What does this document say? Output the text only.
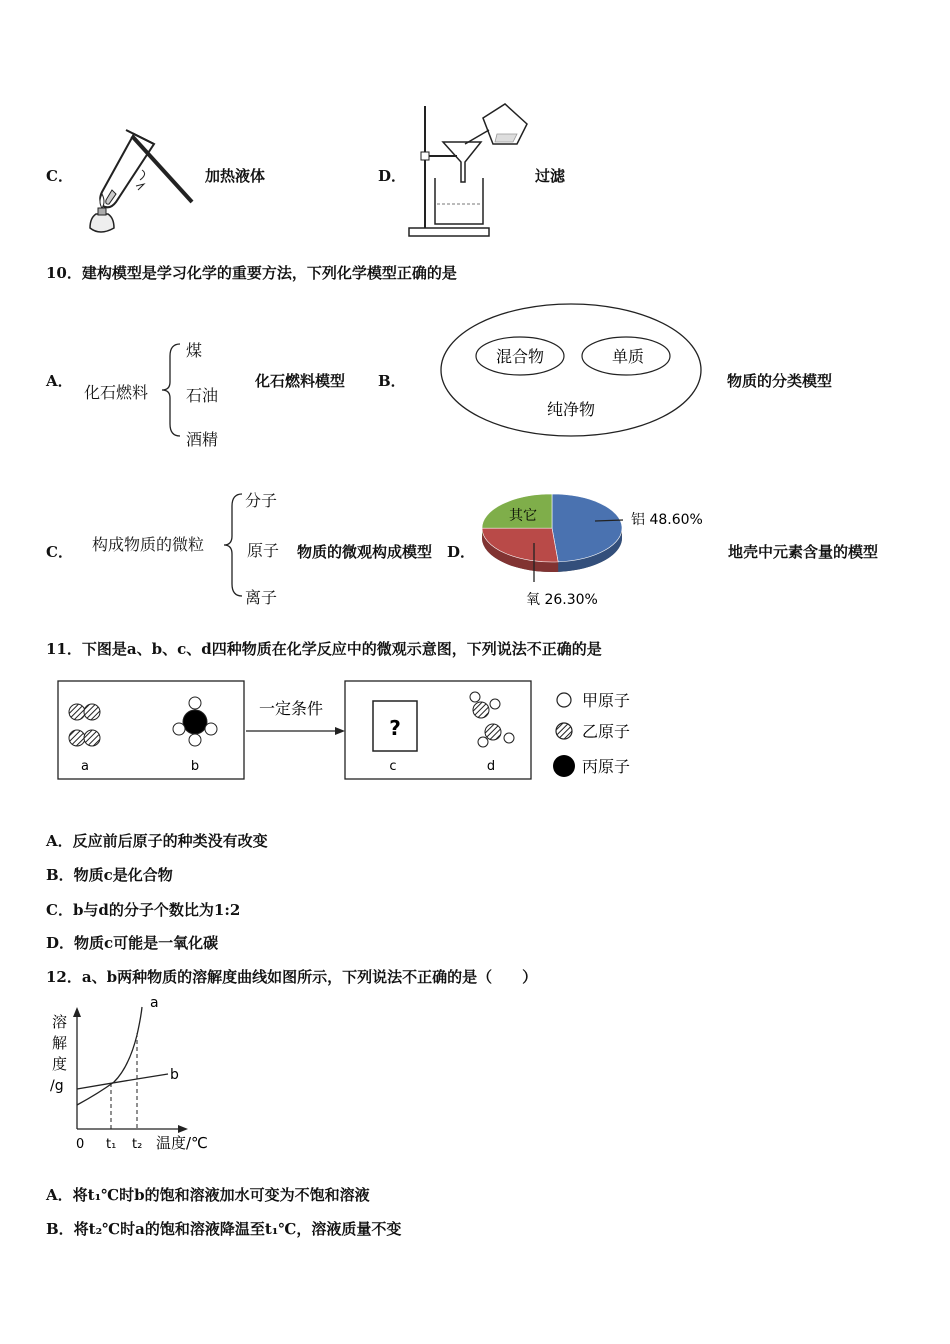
C．	加热液体	D．	过滤
10．建构模型是学习化学的重要方法，下列化学模型正确的是
A．
化石燃料
煤
石油
酒精
化石燃料模型 B．
混合物	单质
纯净物
物质的分类模型
C． 构成物质的微粒
分子
原子
离子
物质的微观构成模型 D．
铝 48.60%
氧 26.30%
其它
地壳中元素含量的模型
11．下图是a、b、c、d四种物质在化学反应中的微观示意图，下列说法不正确的是
a	b
一定条件
?
c	d
甲原子
乙原子
丙原子
A．反应前后原子的种类没有改变
B．物质c是化合物
C．b与d的分子个数比为1:2
D．物质c可能是一氧化碳
12．a、b两种物质的溶解度曲线如图所示，下列说法不正确的是（　　）
溶
解
度
/g
a
b
0 t₁ t₂ 温度/℃
A．将t₁℃时b的饱和溶液加水可变为不饱和溶液
B．将t₂℃时a的饱和溶液降温至t₁℃，溶液质量不变
